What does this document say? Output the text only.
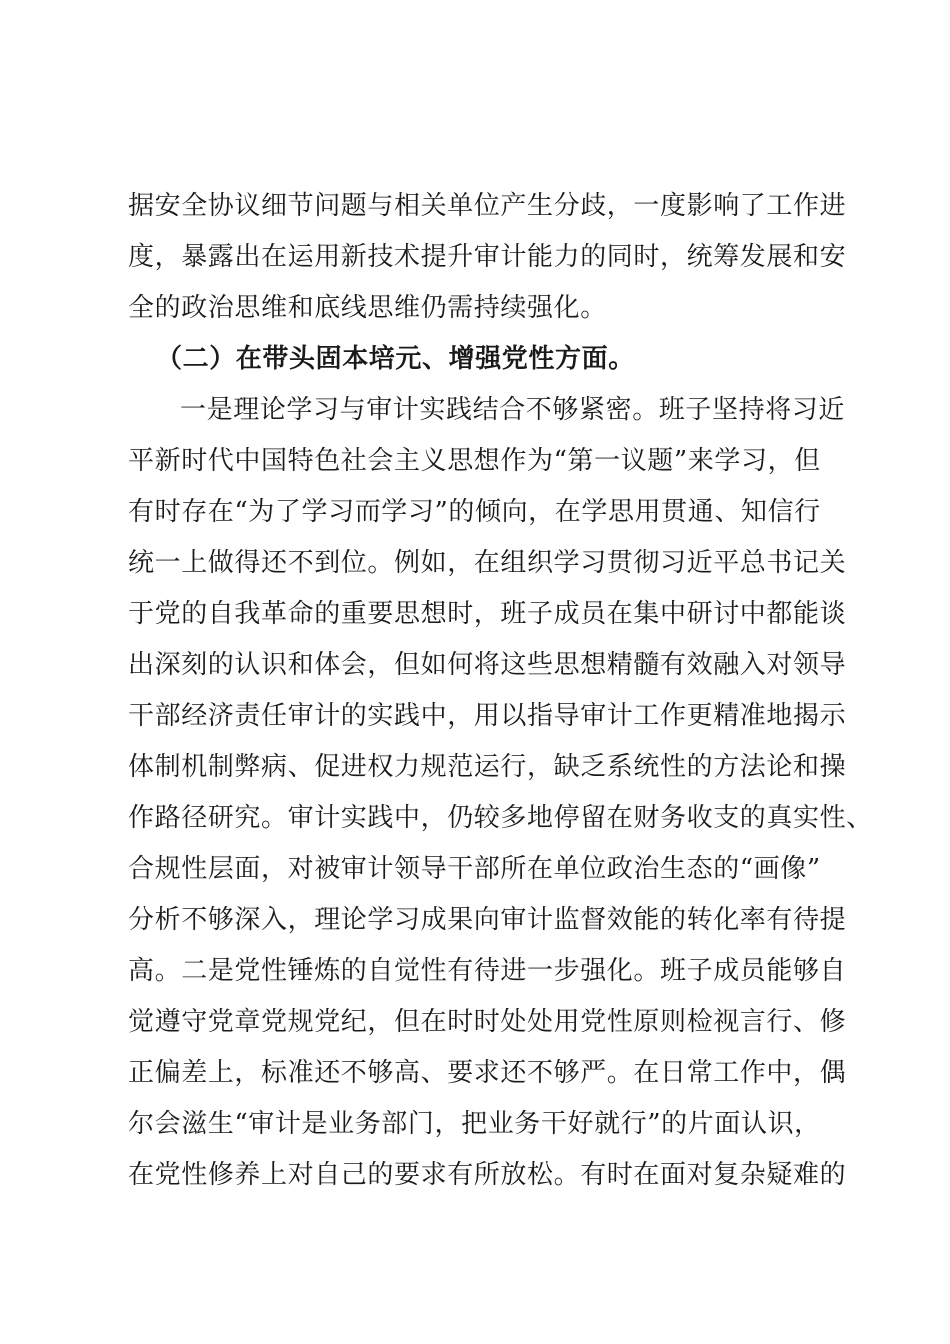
据安全协议细节问题与相关单位产生分歧，一度影响了工作进
度，暴露出在运用新技术提升审计能力的同时，统筹发展和安
全的政治思维和底线思维仍需持续强化。
（二）在带头固本培元、增强党性方面。
一是理论学习与审计实践结合不够紧密。班子坚持将习近
平新时代中国特色社会主义思想作为“第一议题”来学习，但
有时存在“为了学习而学习”的倾向，在学思用贯通、知信行
统一上做得还不到位。例如，在组织学习贯彻习近平总书记关
于党的自我革命的重要思想时，班子成员在集中研讨中都能谈
出深刻的认识和体会，但如何将这些思想精髓有效融入对领导
干部经济责任审计的实践中，用以指导审计工作更精准地揭示
体制机制弊病、促进权力规范运行，缺乏系统性的方法论和操
作路径研究。审计实践中，仍较多地停留在财务收支的真实性、
合规性层面，对被审计领导干部所在单位政治生态的“画像”
分析不够深入，理论学习成果向审计监督效能的转化率有待提
高。二是党性锤炼的自觉性有待进一步强化。班子成员能够自
觉遵守党章党规党纪，但在时时处处用党性原则检视言行、修
正偏差上，标准还不够高、要求还不够严。在日常工作中，偶
尔会滋生“审计是业务部门，把业务干好就行”的片面认识，
在党性修养上对自己的要求有所放松。有时在面对复杂疑难的
